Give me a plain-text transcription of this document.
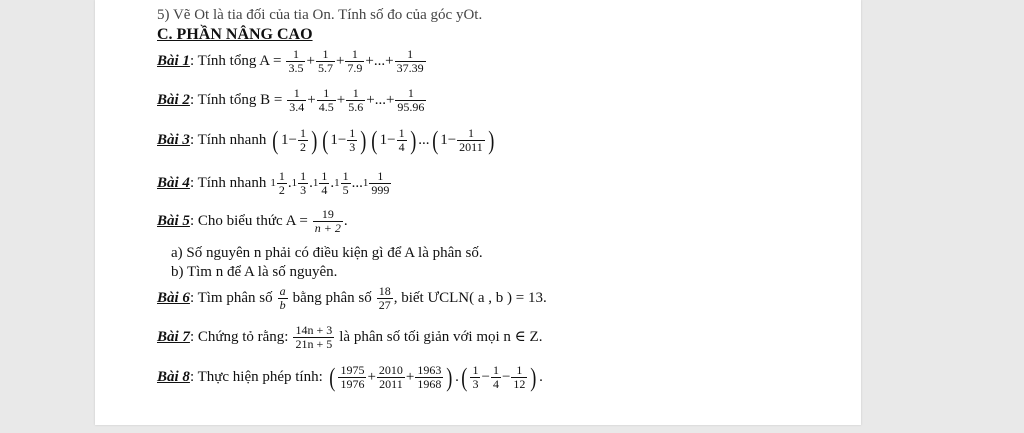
5) Vẽ Ot là tia đối của tia On. Tính số đo của góc yOt.
C. PHẦN NÂNG CAO
Bài 1 : Tính tổng $A = \frac{1}{3.5} + \frac{1}{5.7} + \frac{1}{7.9}$ +...+ $\frac{1}{37.39}$
Bài 2 : Tính tổng $B = \frac{1}{3.4} + \frac{1}{4.5} + \frac{1}{5.6}$ +...+ $\frac{1}{95.96}$
Bài 3 : Tính nhanh ( $1- \frac{1}{2}$ ) ( $1- \frac{1}{3}$ ) ( $1- \frac{1}{4}$ ) ... ( $1- \frac{1}{2011}$ )
Bài 4 : Tính nhanh $1 \frac{1}{2}$ . $1 \frac{1}{3}$ . $1 \frac{1}{4}$ . $1 \frac{1}{5}$ ... $1 \frac{1}{999}$
Bài 5 : Cho biểu thức $A = \frac{19}{n + 2}$ .
a) Số nguyên n phải có điều kiện gì để A là phân số.
b) Tìm n để A là số nguyên.
Bài 6 : Tìm phân số $\frac{a}{b}$ bằng phân số $\frac{18}{27}$ , biết ƯCLN( a , b ) = 13.
Bài 7 : Chứng tỏ rằng: $\frac{14n + 3}{21n + 5}$ là phân số tối giản với mọi n ∈ Z.
Bài 8 : Thực hiện phép tính: ( $\frac{1975}{1976} + \frac{2010}{2011} + \frac{1963}{1968}$ ) . ( $\frac{1}{3} - \frac{1}{4} - \frac{1}{12}$ ) .
